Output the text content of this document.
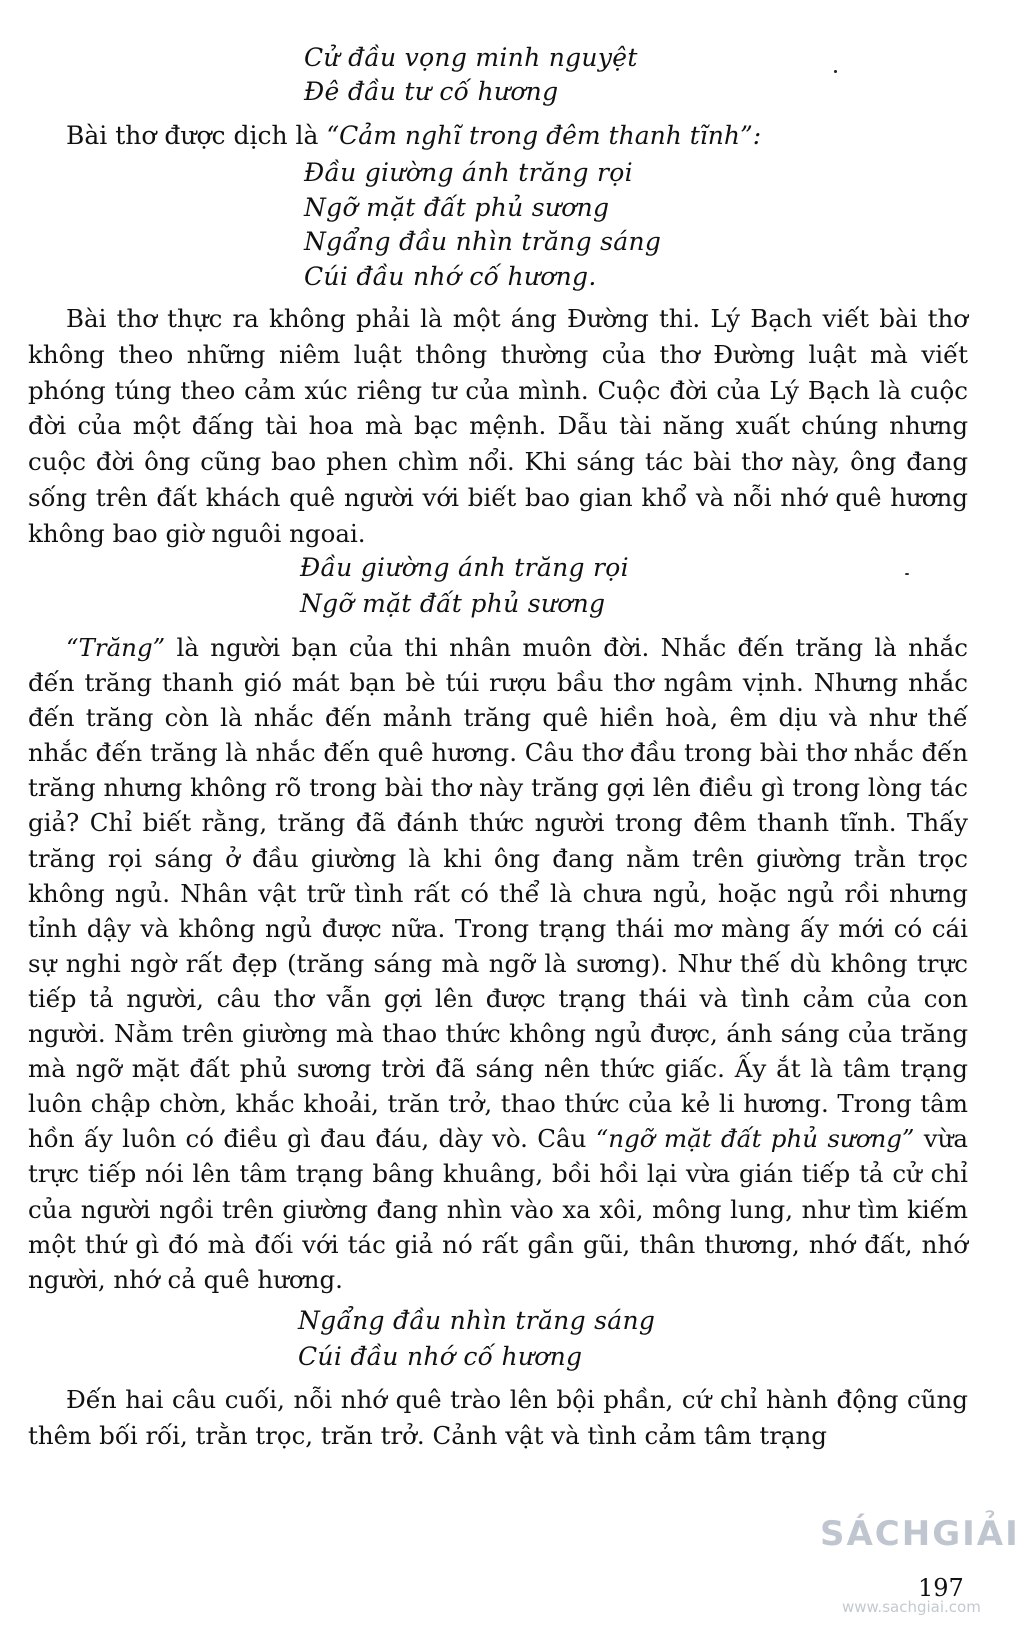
Cử đầu vọng minh nguyệt
Đê đầu tư cố hương
Bài thơ được dịch là “Cảm nghĩ trong đêm thanh tĩnh”:
Đầu giường ánh trăng rọi
Ngỡ mặt đất phủ sương
Ngẩng đầu nhìn trăng sáng
Cúi đầu nhớ cố hương.
Bài thơ thực ra không phải là một áng Đường thi. Lý Bạch viết bài thơ không theo những niêm luật thông thường của thơ Đường luật mà viết phóng túng theo cảm xúc riêng tư của mình. Cuộc đời của Lý Bạch là cuộc đời của một đấng tài hoa mà bạc mệnh. Dẫu tài năng xuất chúng nhưng cuộc đời ông cũng bao phen chìm nổi. Khi sáng tác bài thơ này, ông đang sống trên đất khách quê người với biết bao gian khổ và nỗi nhớ quê hương không bao giờ nguôi ngoai.
Đầu giường ánh trăng rọi
Ngỡ mặt đất phủ sương
“Trăng” là người bạn của thi nhân muôn đời. Nhắc đến trăng là nhắc đến trăng thanh gió mát bạn bè túi rượu bầu thơ ngâm vịnh. Nhưng nhắc đến trăng còn là nhắc đến mảnh trăng quê hiền hoà, êm dịu và như thế nhắc đến trăng là nhắc đến quê hương. Câu thơ đầu trong bài thơ nhắc đến trăng nhưng không rõ trong bài thơ này trăng gợi lên điều gì trong lòng tác giả? Chỉ biết rằng, trăng đã đánh thức người trong đêm thanh tĩnh. Thấy trăng rọi sáng ở đầu giường là khi ông đang nằm trên giường trằn trọc không ngủ. Nhân vật trữ tình rất có thể là chưa ngủ, hoặc ngủ rồi nhưng tỉnh dậy và không ngủ được nữa. Trong trạng thái mơ màng ấy mới có cái sự nghi ngờ rất đẹp (trăng sáng mà ngỡ là sương). Như thế dù không trực tiếp tả người, câu thơ vẫn gợi lên được trạng thái và tình cảm của con người. Nằm trên giường mà thao thức không ngủ được, ánh sáng của trăng mà ngỡ mặt đất phủ sương trời đã sáng nên thức giấc. Ấy ắt là tâm trạng luôn chập chờn, khắc khoải, trăn trở, thao thức của kẻ li hương. Trong tâm hồn ấy luôn có điều gì đau đáu, dày vò. Câu “ngỡ mặt đất phủ sương” vừa trực tiếp nói lên tâm trạng bâng khuâng, bồi hồi lại vừa gián tiếp tả cử chỉ của người ngồi trên giường đang nhìn vào xa xôi, mông lung, như tìm kiếm một thứ gì đó mà đối với tác giả nó rất gần gũi, thân thương, nhớ đất, nhớ người, nhớ cả quê hương.
Ngẩng đầu nhìn trăng sáng
Cúi đầu nhớ cố hương
Đến hai câu cuối, nỗi nhớ quê trào lên bội phần, cứ chỉ hành động cũng thêm bối rối, trằn trọc, trăn trở. Cảnh vật và tình cảm tâm trạng
SÁCHGIẢI
197
www.sachgiai.com
